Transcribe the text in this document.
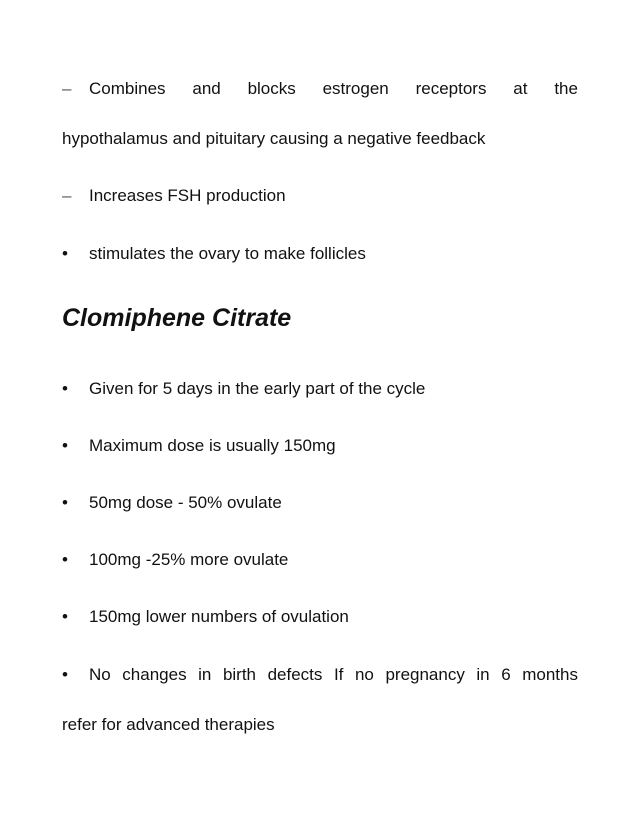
–	Combines and blocks estrogen receptors at the
hypothalamus and pituitary causing a negative feedback
– Increases FSH production
• stimulates the ovary to make follicles
Clomiphene Citrate
• Given for 5 days in the early part of the cycle
• Maximum dose is usually 150mg
• 50mg dose - 50% ovulate
• 100mg -25% more ovulate
• 150mg lower numbers of ovulation
•	No changes in birth defects If no pregnancy in 6 months
refer for advanced therapies
